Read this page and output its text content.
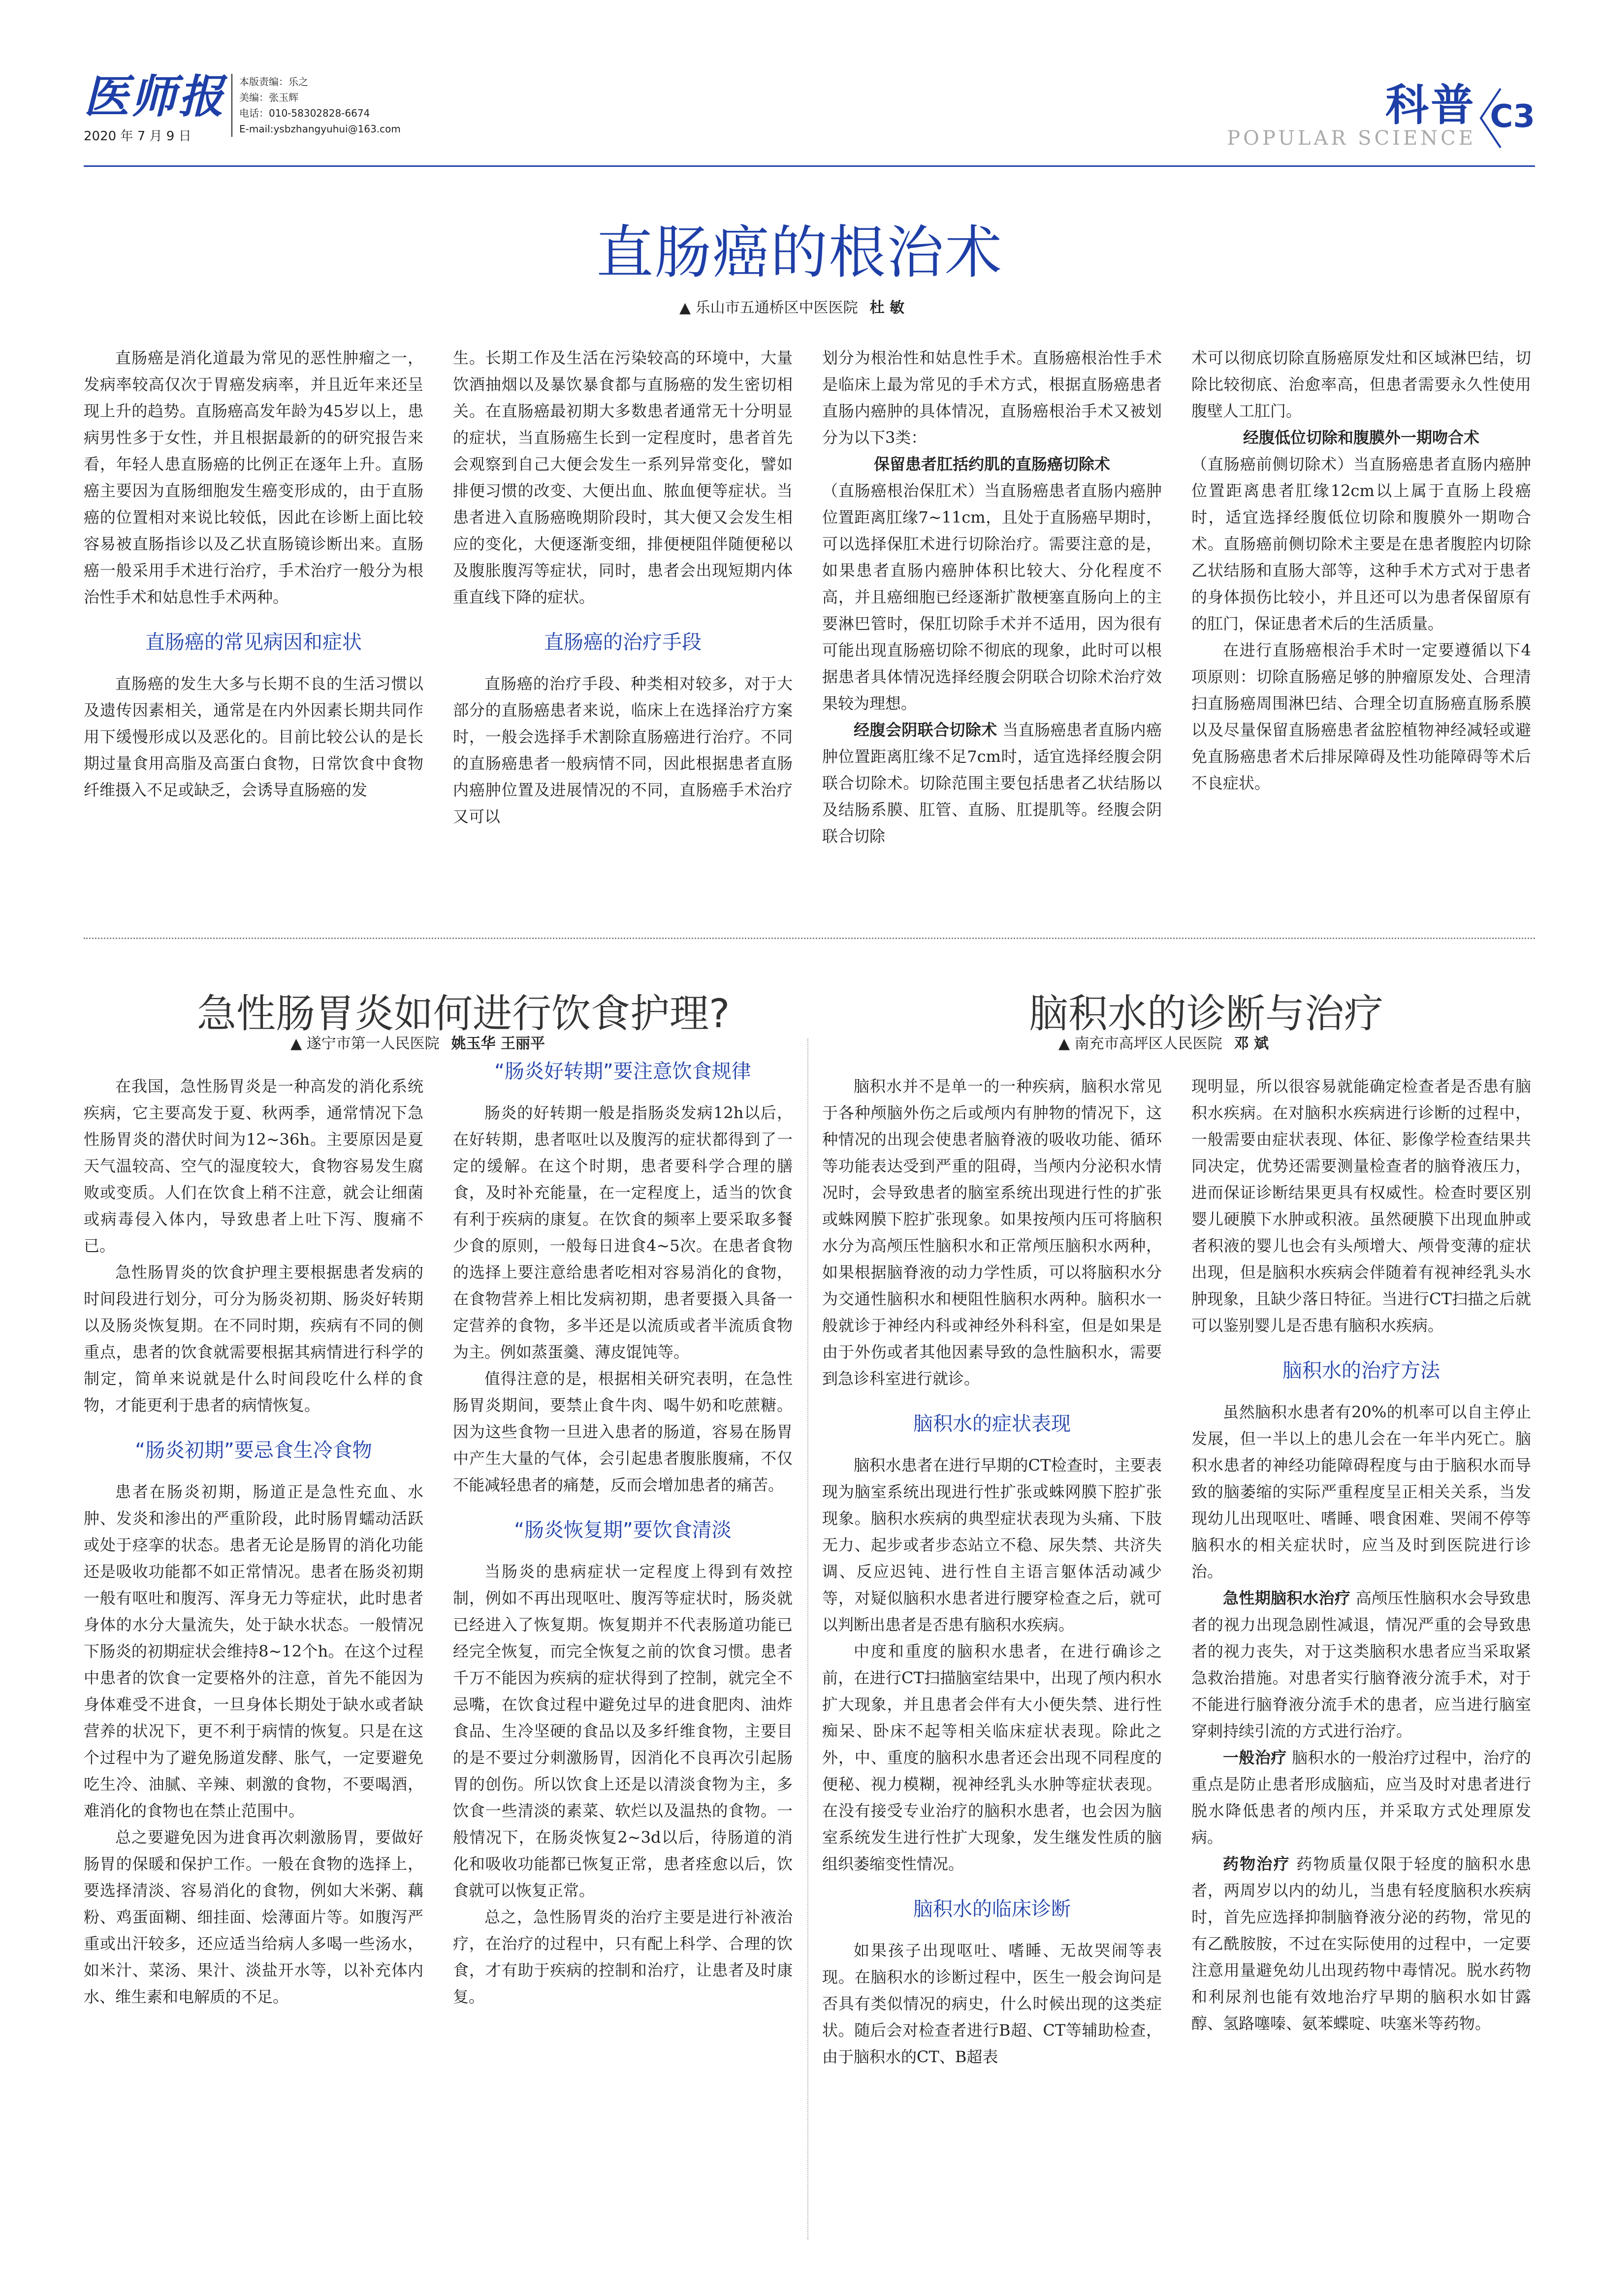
医师报
2020 年 7 月 9 日
本版责编：乐之
美编：张玉辉
电话：010-58302828-6674
E-mail:ysbzhangyuhui@163.com	科普
POPULAR SCIENCE
C3
直肠癌的根治术
▲ 乐山市五通桥区中医医院 杜 敏

直肠癌是消化道最为常见的恶性肿瘤之一，发病率较高仅次于胃癌发病率，并且近年来还呈现上升的趋势。直肠癌高发年龄为45岁以上，患病男性多于女性，并且根据最新的的研究报告来看，年轻人患直肠癌的比例正在逐年上升。直肠癌主要因为直肠细胞发生癌变形成的，由于直肠癌的位置相对来说比较低，因此在诊断上面比较容易被直肠指诊以及乙状直肠镜诊断出来。直肠癌一般采用手术进行治疗，手术治疗一般分为根治性手术和姑息性手术两种。

直肠癌的常见病因和症状

直肠癌的发生大多与长期不良的生活习惯以及遗传因素相关，通常是在内外因素长期共同作用下缓慢形成以及恶化的。目前比较公认的是长期过量食用高脂及高蛋白食物，日常饮食中食物纤维摄入不足或缺乏，会诱导直肠癌的发

生。长期工作及生活在污染较高的环境中，大量饮酒抽烟以及暴饮暴食都与直肠癌的发生密切相关。在直肠癌最初期大多数患者通常无十分明显的症状，当直肠癌生长到一定程度时，患者首先会观察到自己大便会发生一系列异常变化，譬如排便习惯的改变、大便出血、脓血便等症状。当患者进入直肠癌晚期阶段时，其大便又会发生相应的变化，大便逐渐变细，排便梗阻伴随便秘以及腹胀腹泻等症状，同时，患者会出现短期内体重直线下降的症状。

直肠癌的治疗手段

直肠癌的治疗手段、种类相对较多，对于大部分的直肠癌患者来说，临床上在选择治疗方案时，一般会选择手术割除直肠癌进行治疗。不同的直肠癌患者一般病情不同，因此根据患者直肠内癌肿位置及进展情况的不同，直肠癌手术治疗又可以

划分为根治性和姑息性手术。直肠癌根治性手术是临床上最为常见的手术方式，根据直肠癌患者直肠内癌肿的具体情况，直肠癌根治手术又被划分为以下3类：

保留患者肛括约肌的直肠癌切除术

（直肠癌根治保肛术）当直肠癌患者直肠内癌肿位置距离肛缘7~11cm，且处于直肠癌早期时，可以选择保肛术进行切除治疗。需要注意的是，如果患者直肠内癌肿体积比较大、分化程度不高，并且癌细胞已经逐渐扩散梗塞直肠向上的主要淋巴管时，保肛切除手术并不适用，因为很有可能出现直肠癌切除不彻底的现象，此时可以根据患者具体情况选择经腹会阴联合切除术治疗效果较为理想。

经腹会阴联合切除术 当直肠癌患者直肠内癌肿位置距离肛缘不足7cm时，适宜选择经腹会阴联合切除术。切除范围主要包括患者乙状结肠以及结肠系膜、肛管、直肠、肛提肌等。经腹会阴联合切除

术可以彻底切除直肠癌原发灶和区域淋巴结，切除比较彻底、治愈率高，但患者需要永久性使用腹壁人工肛门。

经腹低位切除和腹膜外一期吻合术

（直肠癌前侧切除术）当直肠癌患者直肠内癌肿位置距离患者肛缘12cm以上属于直肠上段癌时，适宜选择经腹低位切除和腹膜外一期吻合术。直肠癌前侧切除术主要是在患者腹腔内切除乙状结肠和直肠大部等，这种手术方式对于患者的身体损伤比较小，并且还可以为患者保留原有的肛门，保证患者术后的生活质量。

在进行直肠癌根治手术时一定要遵循以下4项原则：切除直肠癌足够的肿瘤原发处、合理清扫直肠癌周围淋巴结、合理全切直肠癌直肠系膜以及尽量保留直肠癌患者盆腔植物神经减轻或避免直肠癌患者术后排尿障碍及性功能障碍等术后不良症状。

急性肠胃炎如何进行饮食护理?
▲ 遂宁市第一人民医院 姚玉华 王丽平

在我国，急性肠胃炎是一种高发的消化系统疾病，它主要高发于夏、秋两季，通常情况下急性肠胃炎的潜伏时间为12~36h。主要原因是夏天气温较高、空气的湿度较大，食物容易发生腐败或变质。人们在饮食上稍不注意，就会让细菌或病毒侵入体内，导致患者上吐下泻、腹痛不已。

急性肠胃炎的饮食护理主要根据患者发病的时间段进行划分，可分为肠炎初期、肠炎好转期以及肠炎恢复期。在不同时期，疾病有不同的侧重点，患者的饮食就需要根据其病情进行科学的制定，简单来说就是什么时间段吃什么样的食物，才能更利于患者的病情恢复。

“肠炎初期”要忌食生冷食物

患者在肠炎初期，肠道正是急性充血、水肿、发炎和渗出的严重阶段，此时肠胃蠕动活跃或处于痉挛的状态。患者无论是肠胃的消化功能还是吸收功能都不如正常情况。患者在肠炎初期一般有呕吐和腹泻、浑身无力等症状，此时患者身体的水分大量流失，处于缺水状态。一般情况下肠炎的初期症状会维持8~12个h。在这个过程中患者的饮食一定要格外的注意，首先不能因为身体难受不进食，一旦身体长期处于缺水或者缺营养的状况下，更不利于病情的恢复。只是在这个过程中为了避免肠道发酵、胀气，一定要避免吃生冷、油腻、辛辣、刺激的食物，不要喝酒，难消化的食物也在禁止范围中。

总之要避免因为进食再次刺激肠胃，要做好肠胃的保暖和保护工作。一般在食物的选择上，要选择清淡、容易消化的食物，例如大米粥、藕粉、鸡蛋面糊、细挂面、烩薄面片等。如腹泻严重或出汗较多，还应适当给病人多喝一些汤水，如米汁、菜汤、果汁、淡盐开水等，以补充体内水、维生素和电解质的不足。

“肠炎好转期”要注意饮食规律

肠炎的好转期一般是指肠炎发病12h以后，在好转期，患者呕吐以及腹泻的症状都得到了一定的缓解。在这个时期，患者要科学合理的膳食，及时补充能量，在一定程度上，适当的饮食有利于疾病的康复。在饮食的频率上要采取多餐少食的原则，一般每日进食4~5次。在患者食物的选择上要注意给患者吃相对容易消化的食物，在食物营养上相比发病初期，患者要摄入具备一定营养的食物，多半还是以流质或者半流质食物为主。例如蒸蛋羹、薄皮馄饨等。

值得注意的是，根据相关研究表明，在急性肠胃炎期间，要禁止食牛肉、喝牛奶和吃蔗糖。因为这些食物一旦进入患者的肠道，容易在肠胃中产生大量的气体，会引起患者腹胀腹痛，不仅不能减轻患者的痛楚，反而会增加患者的痛苦。

“肠炎恢复期”要饮食清淡

当肠炎的患病症状一定程度上得到有效控制，例如不再出现呕吐、腹泻等症状时，肠炎就已经进入了恢复期。恢复期并不代表肠道功能已经完全恢复，而完全恢复之前的饮食习惯。患者千万不能因为疾病的症状得到了控制，就完全不忌嘴，在饮食过程中避免过早的进食肥肉、油炸食品、生冷坚硬的食品以及多纤维食物，主要目的是不要过分刺激肠胃，因消化不良再次引起肠胃的创伤。所以饮食上还是以清淡食物为主，多饮食一些清淡的素菜、软烂以及温热的食物。一般情况下，在肠炎恢复2~3d以后，待肠道的消化和吸收功能都已恢复正常，患者痊愈以后，饮食就可以恢复正常。

总之，急性肠胃炎的治疗主要是进行补液治疗，在治疗的过程中，只有配上科学、合理的饮食，才有助于疾病的控制和治疗，让患者及时康复。

脑积水的诊断与治疗
▲ 南充市高坪区人民医院 邓 斌

脑积水并不是单一的一种疾病，脑积水常见于各种颅脑外伤之后或颅内有肿物的情况下，这种情况的出现会使患者脑脊液的吸收功能、循环等功能表达受到严重的阻碍，当颅内分泌积水情况时，会导致患者的脑室系统出现进行性的扩张或蛛网膜下腔扩张现象。如果按颅内压可将脑积水分为高颅压性脑积水和正常颅压脑积水两种，如果根据脑脊液的动力学性质，可以将脑积水分为交通性脑积水和梗阻性脑积水两种。脑积水一般就诊于神经内科或神经外科科室，但是如果是由于外伤或者其他因素导致的急性脑积水，需要到急诊科室进行就诊。

脑积水的症状表现

脑积水患者在进行早期的CT检查时，主要表现为脑室系统出现进行性扩张或蛛网膜下腔扩张现象。脑积水疾病的典型症状表现为头痛、下肢无力、起步或者步态站立不稳、尿失禁、共济失调、反应迟钝、进行性自主语言躯体活动减少等，对疑似脑积水患者进行腰穿检查之后，就可以判断出患者是否患有脑积水疾病。

中度和重度的脑积水患者，在进行确诊之前，在进行CT扫描脑室结果中，出现了颅内积水扩大现象，并且患者会伴有大小便失禁、进行性痴呆、卧床不起等相关临床症状表现。除此之外，中、重度的脑积水患者还会出现不同程度的便秘、视力模糊，视神经乳头水肿等症状表现。在没有接受专业治疗的脑积水患者，也会因为脑室系统发生进行性扩大现象，发生继发性质的脑组织萎缩变性情况。

脑积水的临床诊断

如果孩子出现呕吐、嗜睡、无故哭闹等表现。在脑积水的诊断过程中，医生一般会询问是否具有类似情况的病史，什么时候出现的这类症状。随后会对检查者进行B超、CT等辅助检查，由于脑积水的CT、B超表

现明显，所以很容易就能确定检查者是否患有脑积水疾病。在对脑积水疾病进行诊断的过程中，一般需要由症状表现、体征、影像学检查结果共同决定，优势还需要测量检查者的脑脊液压力，进而保证诊断结果更具有权威性。检查时要区别婴儿硬膜下水肿或积液。虽然硬膜下出现血肿或者积液的婴儿也会有头颅增大、颅骨变薄的症状出现，但是脑积水疾病会伴随着有视神经乳头水肿现象，且缺少落日特征。当进行CT扫描之后就可以鉴别婴儿是否患有脑积水疾病。

脑积水的治疗方法

虽然脑积水患者有20%的机率可以自主停止发展，但一半以上的患儿会在一年半内死亡。脑积水患者的神经功能障碍程度与由于脑积水而导致的脑萎缩的实际严重程度呈正相关关系，当发现幼儿出现呕吐、嗜睡、喂食困难、哭闹不停等脑积水的相关症状时，应当及时到医院进行诊治。

急性期脑积水治疗 高颅压性脑积水会导致患者的视力出现急剧性减退，情况严重的会导致患者的视力丧失，对于这类脑积水患者应当采取紧急救治措施。对患者实行脑脊液分流手术，对于不能进行脑脊液分流手术的患者，应当进行脑室穿刺持续引流的方式进行治疗。

一般治疗 脑积水的一般治疗过程中，治疗的重点是防止患者形成脑疝，应当及时对患者进行脱水降低患者的颅内压，并采取方式处理原发病。

药物治疗 药物质量仅限于轻度的脑积水患者，两周岁以内的幼儿，当患有轻度脑积水疾病时，首先应选择抑制脑脊液分泌的药物，常见的有乙酰胺胺，不过在实际使用的过程中，一定要注意用量避免幼儿出现药物中毒情况。脱水药物和利尿剂也能有效地治疗早期的脑积水如甘露醇、氢路噻嗪、氨苯蝶啶、呋塞米等药物。
